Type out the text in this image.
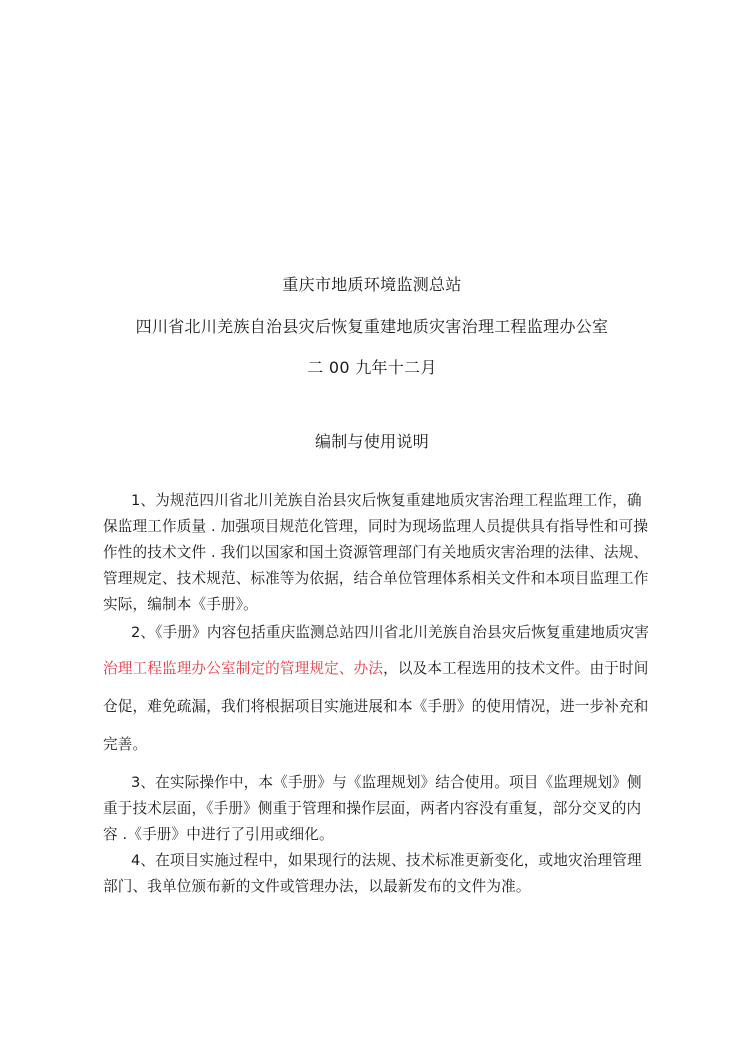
重庆市地质环境监测总站
四川省北川羌族自治县灾后恢复重建地质灾害治理工程监理办公室
二 00 九年十二月
编制与使用说明
1、为规范四川省北川羌族自治县灾后恢复重建地质灾害治理工程监理工作，确
保监理工作质量 . 加强项目规范化管理，同时为现场监理人员提供具有指导性和可操
作性的技术文件 . 我们以国家和国土资源管理部门有关地质灾害治理的法律、法规、
管理规定、技术规范、标准等为依据，结合单位管理体系相关文件和本项目监理工作
实际，编制本《手册》。
2、《手册》内容包括重庆监测总站四川省北川羌族自治县灾后恢复重建地质灾害
治理工程监理办公室制定的管理规定、办法，以及本工程选用的技术文件。由于时间
仓促，难免疏漏，我们将根据项目实施进展和本《手册》的使用情况，进一步补充和
完善。
3、在实际操作中，本《手册》与《监理规划》结合使用。项目《监理规划》侧
重于技术层面，《手册》侧重于管理和操作层面，两者内容没有重复，部分交叉的内
容 .《手册》中进行了引用或细化。
4、在项目实施过程中，如果现行的法规、技术标准更新变化，或地灾治理管理
部门、我单位颁布新的文件或管理办法，以最新发布的文件为准。
